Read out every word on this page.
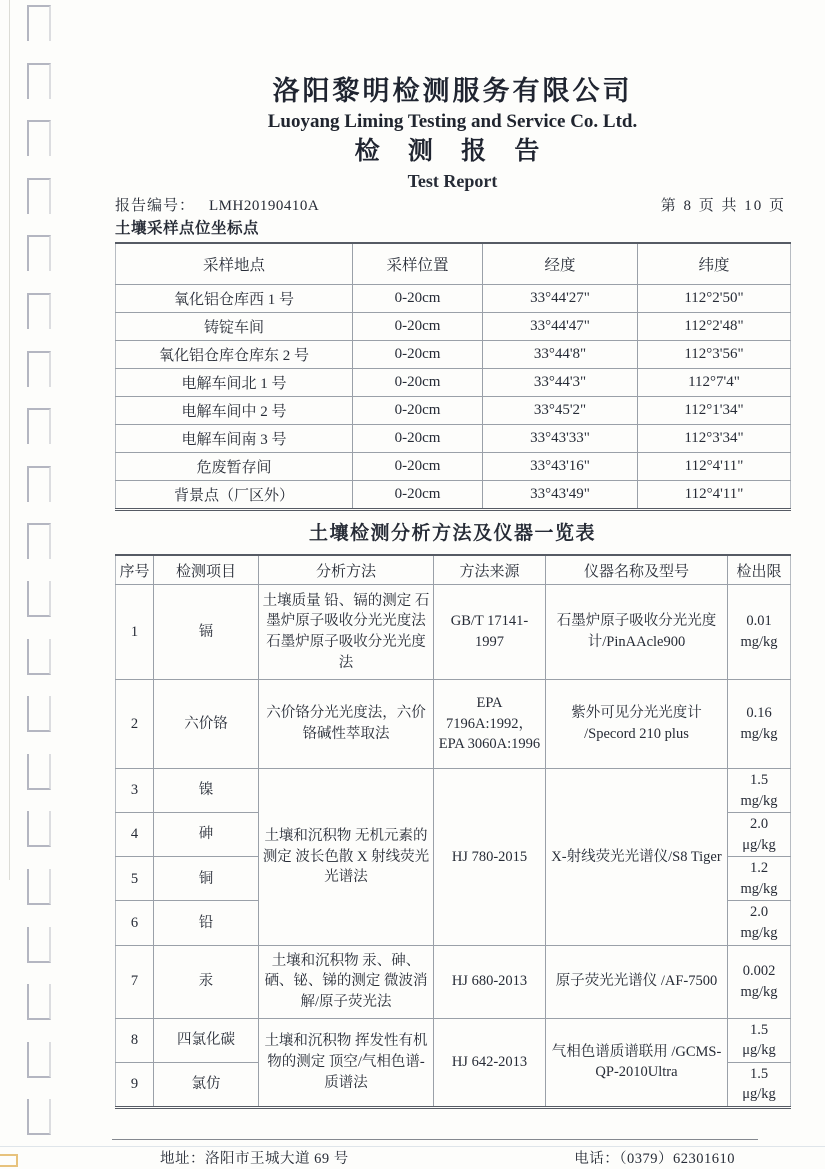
洛阳黎明检测服务有限公司
Luoyang Liming Testing and Service Co. Ltd.
检 测 报 告
Test Report
报告编号： LMH20190410A	第 8 页 共 10 页
土壤采样点位坐标点
采样地点	采样位置	经度	纬度
氧化铝仓库西 1 号	0-20cm	33°44'27"	112°2'50"
铸锭车间	0-20cm	33°44'47"	112°2'48"
氧化铝仓库仓库东 2 号	0-20cm	33°44'8"	112°3'56"
电解车间北 1 号	0-20cm	33°44'3"	112°7'4"
电解车间中 2 号	0-20cm	33°45'2"	112°1'34"
电解车间南 3 号	0-20cm	33°43'33"	112°3'34"
危废暂存间	0-20cm	33°43'16"	112°4'11"
背景点（厂区外）	0-20cm	33°43'49"	112°4'11"
土壤检测分析方法及仪器一览表
序号	检测项目	分析方法	方法来源	仪器名称及型号	检出限
1	镉	土壤质量 铅、镉的测定 石墨炉原子吸收分光光度法 石墨炉原子吸收分光光度法	GB/T 17141-1997	石墨炉原子吸收分光光度计/PinAAcle900	0.01
mg/kg

2	六价铬	六价铬分光光度法，六价铬碱性萃取法	EPA 7196A:1992， EPA 3060A:1996	紫外可见分光光度计 /Specord 210 plus	0.16
mg/kg

3	镍	土壤和沉积物 无机元素的测定 波长色散 X 射线荧光光谱法	HJ 780-2015	X-射线荧光光谱仪/S8 Tiger	1.5
mg/kg

4	砷				2.0
μg/kg

5	铜				1.2
mg/kg

6	铅				2.0
mg/kg

7	汞	土壤和沉积物 汞、砷、硒、铋、锑的测定 微波消解/原子荧光法	HJ 680-2013	原子荧光光谱仪 /AF-7500	0.002
mg/kg

8	四氯化碳	土壤和沉积物 挥发性有机物的测定 顶空/气相色谱-质谱法	HJ 642-2013	气相色谱质谱联用 /GCMS-QP-2010Ultra	1.5
μg/kg

9	氯仿				1.5
μg/kg
地址：洛阳市王城大道 69 号	电话：（0379）62301610
